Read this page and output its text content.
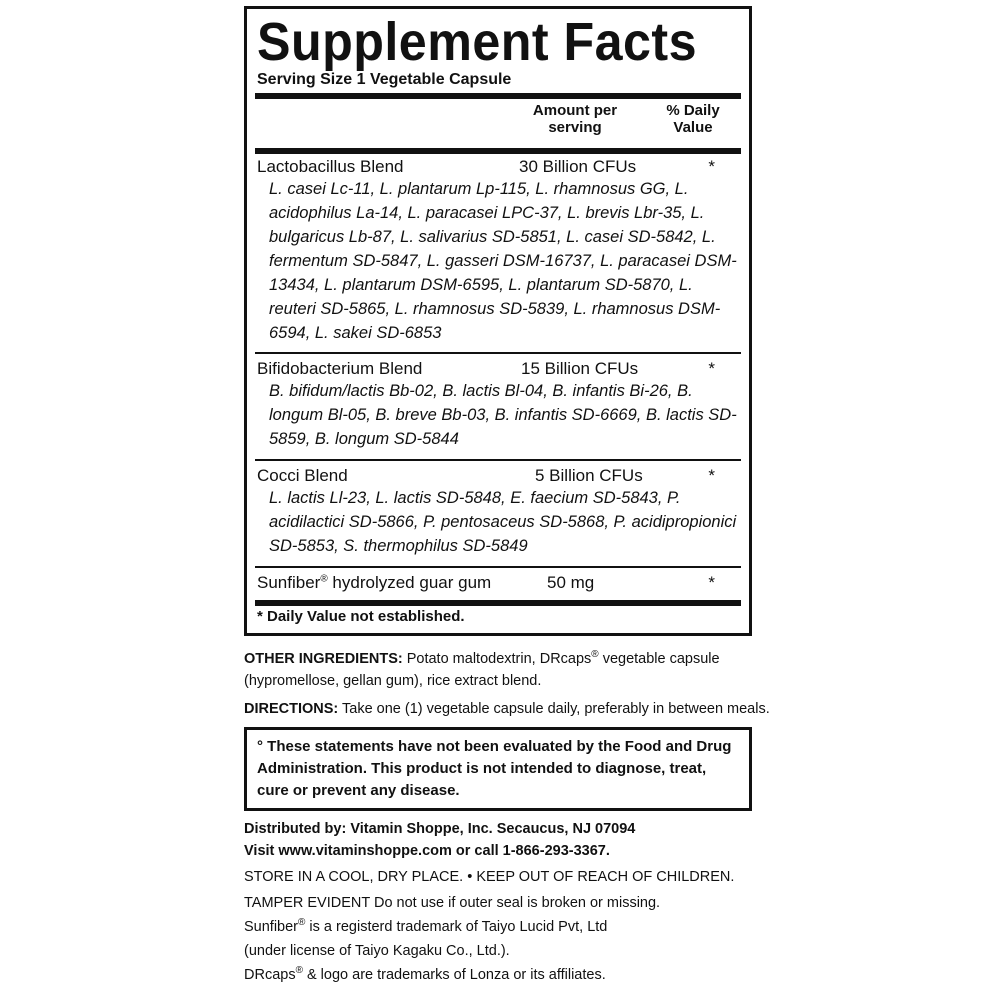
Supplement Facts
Serving Size 1 Vegetable Capsule
Amount per serving
% Daily Value
Lactobacillus Blend	30 Billion CFUs	*
L. casei Lc-11, L. plantarum Lp-115, L. rhamnosus GG, L. acidophilus La-14, L. paracasei LPC-37, L. brevis Lbr-35, L. bulgaricus Lb-87, L. salivarius SD-5851, L. casei SD-5842, L. fermentum SD-5847, L. gasseri DSM-16737, L. paracasei DSM-13434, L. plantarum DSM-6595, L. plantarum SD-5870, L. reuteri SD-5865, L. rhamnosus SD-5839, L. rhamnosus DSM-6594, L. sakei SD-6853
Bifidobacterium Blend	15 Billion CFUs	*
B. bifidum/lactis Bb-02, B. lactis Bl-04, B. infantis Bi-26, B. longum Bl-05, B. breve Bb-03, B. infantis SD-6669, B. lactis SD-5859, B. longum SD-5844
Cocci Blend	5 Billion CFUs	*
L. lactis Ll-23, L. lactis SD-5848, E. faecium SD-5843, P. acidilactici SD-5866, P. pentosaceus SD-5868, P. acidipropionici SD-5853, S. thermophilus SD-5849
Sunfiber® hydrolyzed guar gum	50 mg	*
* Daily Value not established.
OTHER INGREDIENTS: Potato maltodextrin, DRcaps® vegetable capsule
(hypromellose, gellan gum), rice extract blend.
DIRECTIONS: Take one (1) vegetable capsule daily, preferably in between meals.
° These statements have not been evaluated by the Food and Drug Administration. This product is not intended to diagnose, treat, cure or prevent any disease.
Distributed by: Vitamin Shoppe, Inc. Secaucus, NJ 07094
Visit www.vitaminshoppe.com or call 1-866-293-3367.
STORE IN A COOL, DRY PLACE. • KEEP OUT OF REACH OF CHILDREN.
TAMPER EVIDENT Do not use if outer seal is broken or missing.
Sunfiber® is a registerd trademark of Taiyo Lucid Pvt, Ltd
(under license of Taiyo Kagaku Co., Ltd.).
DRcaps® & logo are trademarks of Lonza or its affiliates.
